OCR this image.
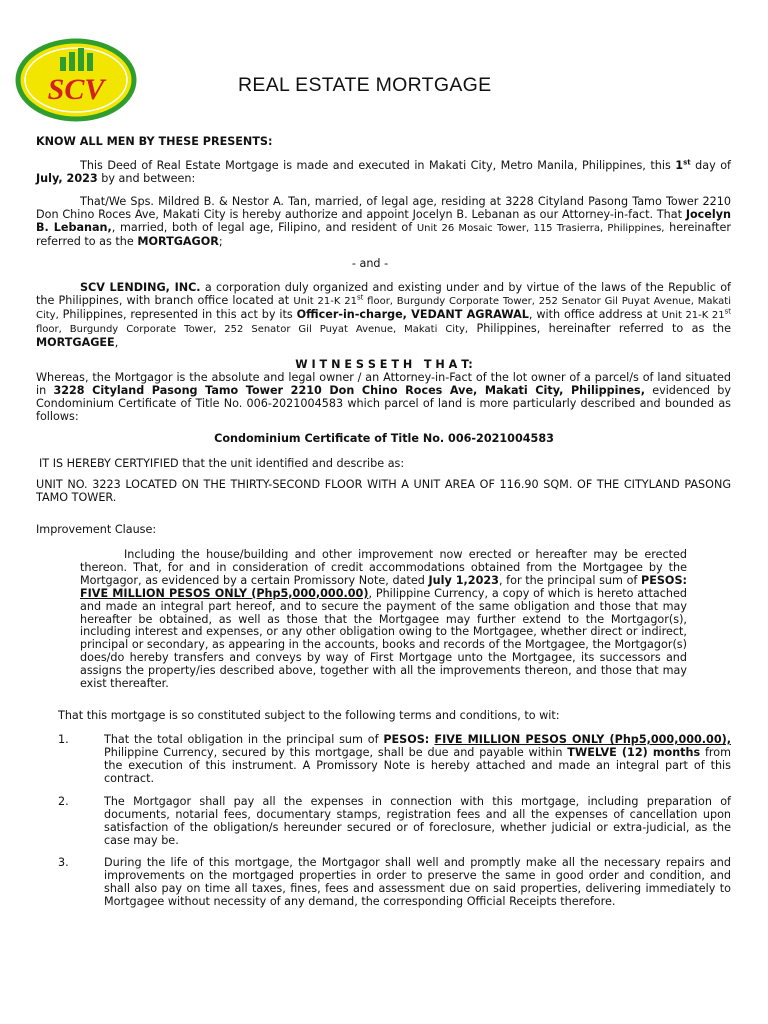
SCV	REAL ESTATE MORTGAGE
KNOW ALL MEN BY THESE PRESENTS:
This Deed of Real Estate Mortgage is made and executed in Makati City, Metro Manila, Philippines, this 1st day of July, 2023 by and between:
That/We Sps. Mildred B. & Nestor A. Tan, married, of legal age, residing at 3228 Cityland Pasong Tamo Tower 2210 Don Chino Roces Ave, Makati City is hereby authorize and appoint Jocelyn B. Lebanan as our Attorney-in-fact. That Jocelyn B. Lebanan,, married, both of legal age, Filipino, and resident of Unit 26 Mosaic Tower, 115 Trasierra, Philippines, hereinafter referred to as the MORTGAGOR;
- and -
SCV LENDING, INC. a corporation duly organized and existing under and by virtue of the laws of the Republic of the Philippines, with branch office located at Unit 21-K 21st floor, Burgundy Corporate Tower, 252 Senator Gil Puyat Avenue, Makati City, Philippines, represented in this act by its Officer-in-charge, VEDANT AGRAWAL, with office address at Unit 21-K 21st floor, Burgundy Corporate Tower, 252 Senator Gil Puyat Avenue, Makati City, Philippines, hereinafter referred to as the MORTGAGEE,
W I T N E S S E T H   T H A T:
Whereas, the Mortgagor is the absolute and legal owner / an Attorney-in-Fact of the lot owner of a parcel/s of land situated in 3228 Cityland Pasong Tamo Tower 2210 Don Chino Roces Ave, Makati City, Philippines, evidenced by Condominium Certificate of Title No. 006-2021004583 which parcel of land is more particularly described and bounded as follows:
Condominium Certificate of Title No. 006-2021004583
IT IS HEREBY CERTYIFIED that the unit identified and describe as:
UNIT NO. 3223 LOCATED ON THE THIRTY-SECOND FLOOR WITH A UNIT AREA OF 116.90 SQM. OF THE CITYLAND PASONG TAMO TOWER.
Improvement Clause:
Including the house/building and other improvement now erected or hereafter may be erected thereon. That, for and in consideration of credit accommodations obtained from the Mortgagee by the Mortgagor, as evidenced by a certain Promissory Note, dated July 1,2023, for the principal sum of PESOS: FIVE MILLION PESOS ONLY (Php5,000,000.00), Philippine Currency, a copy of which is hereto attached and made an integral part hereof, and to secure the payment of the same obligation and those that may hereafter be obtained, as well as those that the Mortgagee may further extend to the Mortgagor(s), including interest and expenses, or any other obligation owing to the Mortgagee, whether direct or indirect, principal or secondary, as appearing in the accounts, books and records of the Mortgagee, the Mortgagor(s) does/do hereby transfers and conveys by way of First Mortgage unto the Mortgagee, its successors and assigns the property/ies described above, together with all the improvements thereon, and those that may exist thereafter.
That this mortgage is so constituted subject to the following terms and conditions, to wit:
1.	That the total obligation in the principal sum of PESOS: FIVE MILLION PESOS ONLY (Php5,000,000.00), Philippine Currency, secured by this mortgage, shall be due and payable within TWELVE (12) months from the execution of this instrument. A Promissory Note is hereby attached and made an integral part of this contract.
2.	The Mortgagor shall pay all the expenses in connection with this mortgage, including preparation of documents, notarial fees, documentary stamps, registration fees and all the expenses of cancellation upon satisfaction of the obligation/s hereunder secured or of foreclosure, whether judicial or extra-judicial, as the case may be.
3.	During the life of this mortgage, the Mortgagor shall well and promptly make all the necessary repairs and improvements on the mortgaged properties in order to preserve the same in good order and condition, and shall also pay on time all taxes, fines, fees and assessment due on said properties, delivering immediately to Mortgagee without necessity of any demand, the corresponding Official Receipts therefore.
